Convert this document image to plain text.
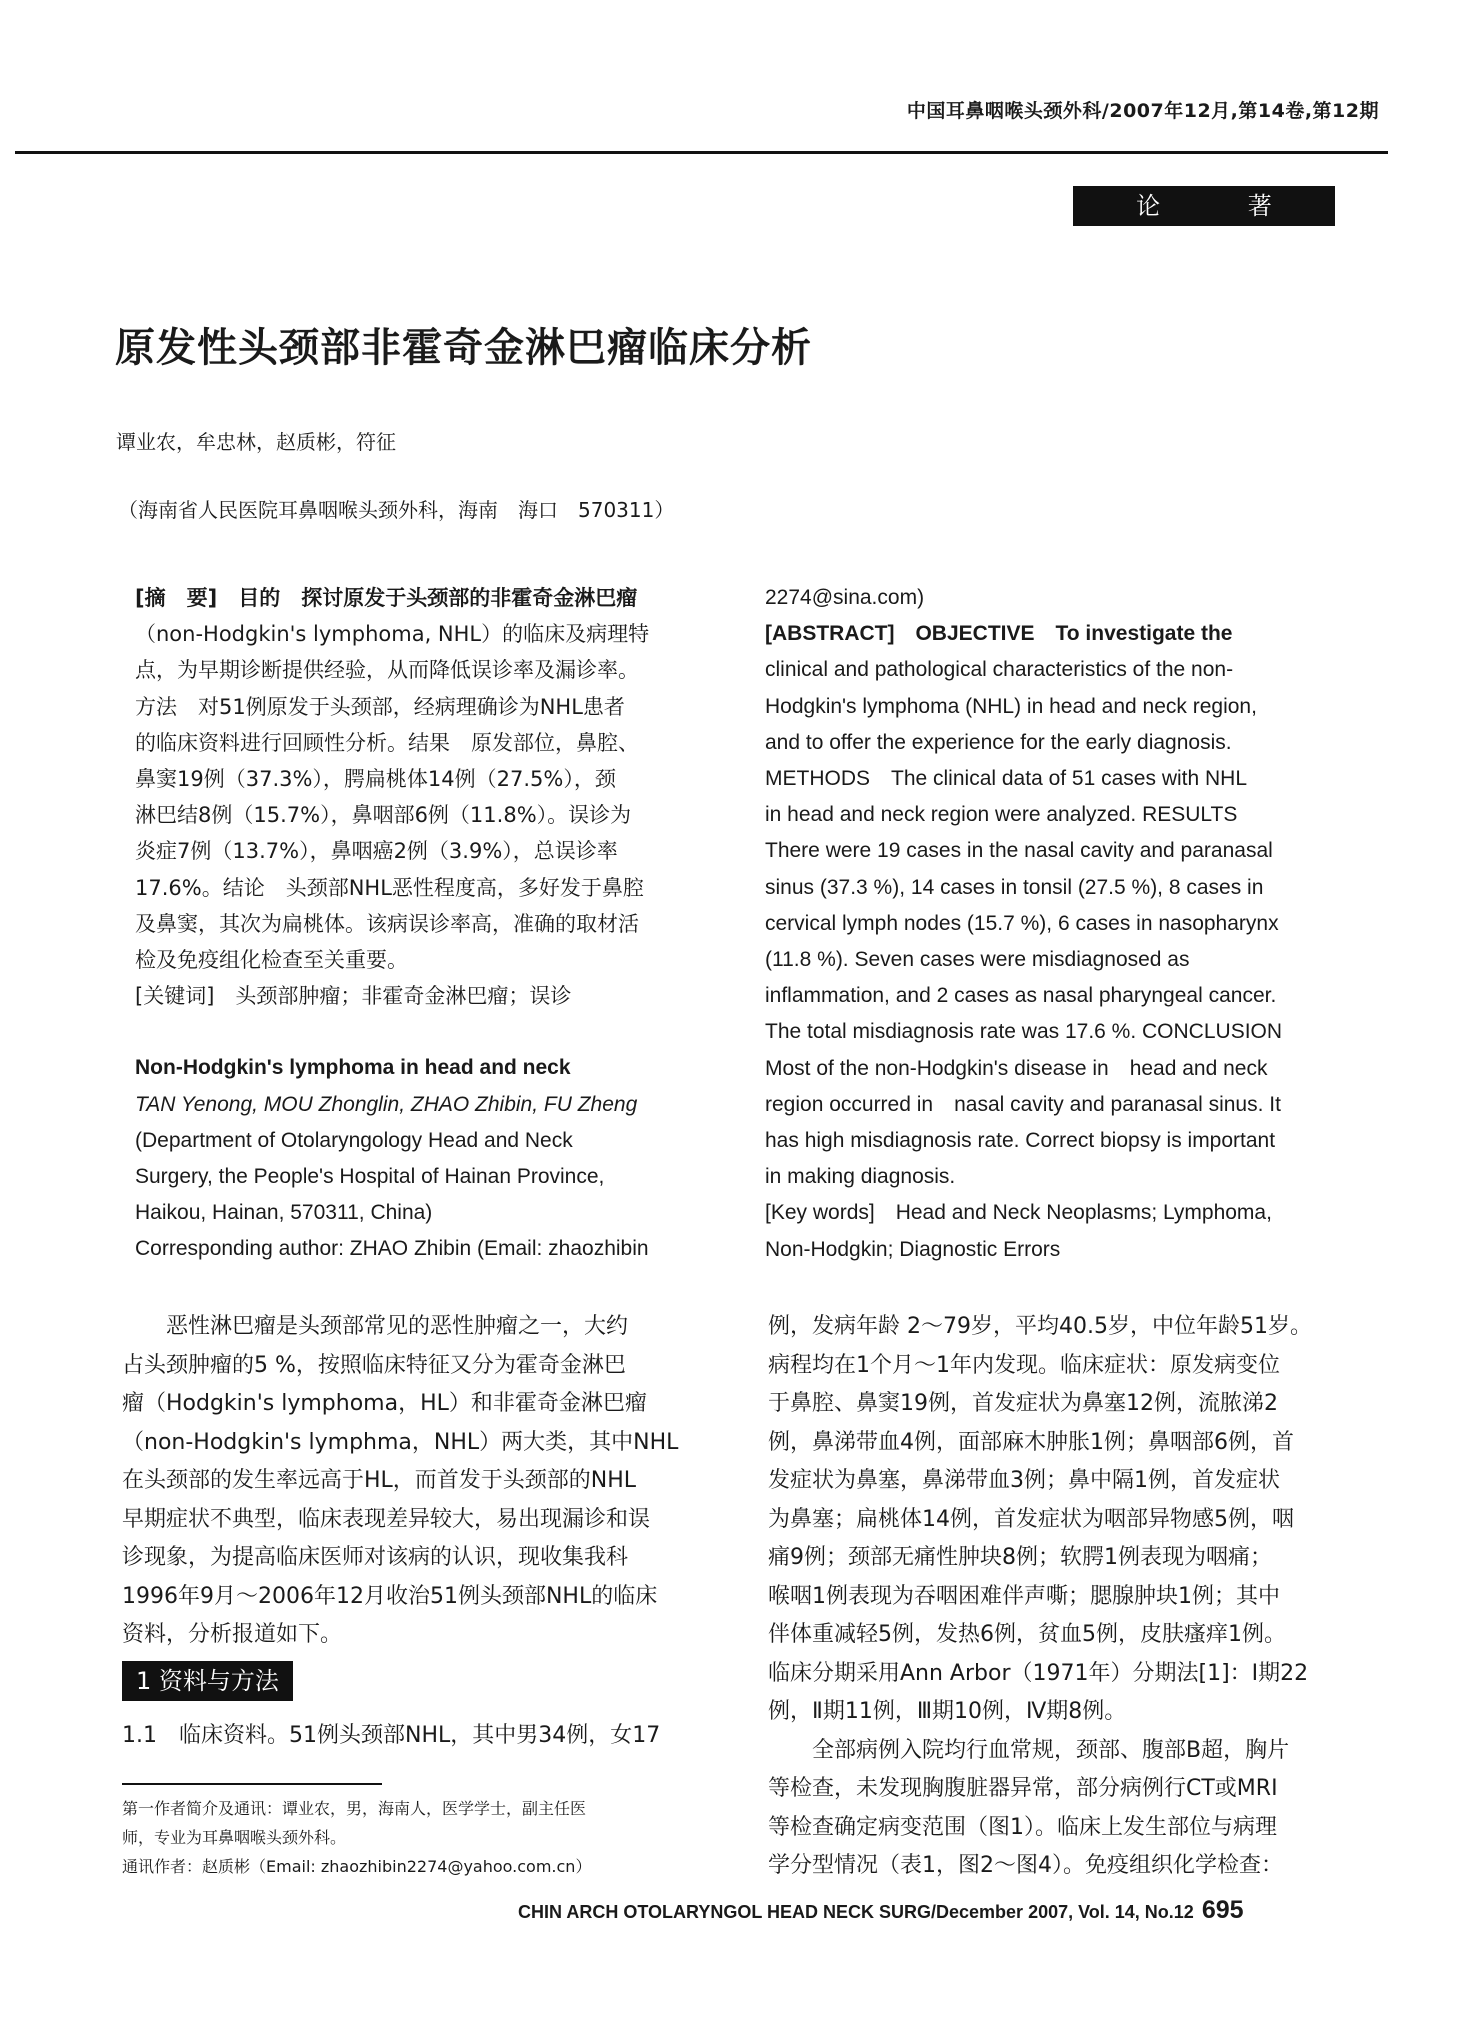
中国耳鼻咽喉头颈外科/2007年12月,第14卷,第12期
论 著
原发性头颈部非霍奇金淋巴瘤临床分析
谭业农，牟忠林，赵质彬，符征
（海南省人民医院耳鼻咽喉头颈外科，海南　海口　570311）
[摘　要]　目的　探讨原发于头颈部的非霍奇金淋巴瘤
（non-Hodgkin's lymphoma, NHL）的临床及病理特
点，为早期诊断提供经验，从而降低误诊率及漏诊率。
方法　对51例原发于头颈部，经病理确诊为NHL患者
的临床资料进行回顾性分析。结果　原发部位，鼻腔、
鼻窦19例（37.3%），腭扁桃体14例（27.5%），颈
淋巴结8例（15.7%），鼻咽部6例（11.8%）。误诊为
炎症7例（13.7%），鼻咽癌2例（3.9%），总误诊率
17.6%。结论　头颈部NHL恶性程度高，多好发于鼻腔
及鼻窦，其次为扁桃体。该病误诊率高，准确的取材活
检及免疫组化检查至关重要。
[关键词]　头颈部肿瘤；非霍奇金淋巴瘤；误诊
Non-Hodgkin's lymphoma in head and neck
TAN Yenong, MOU Zhonglin, ZHAO Zhibin, FU Zheng
(Department of Otolaryngology Head and Neck
Surgery, the People's Hospital of Hainan Province,
Haikou, Hainan, 570311, China)
Corresponding author: ZHAO Zhibin (Email: zhaozhibin
2274@sina.com)
[ABSTRACT]　OBJECTIVE　To investigate the
clinical and pathological characteristics of the non-
Hodgkin's lymphoma (NHL) in head and neck region,
and to offer the experience for the early diagnosis.
METHODS　The clinical data of 51 cases with NHL
in head and neck region were analyzed. RESULTS
There were 19 cases in the nasal cavity and paranasal
sinus (37.3 %), 14 cases in tonsil (27.5 %), 8 cases in
cervical lymph nodes (15.7 %), 6 cases in nasopharynx
(11.8 %). Seven cases were misdiagnosed as
inflammation, and 2 cases as nasal pharyngeal cancer.
The total misdiagnosis rate was 17.6 %. CONCLUSION
Most of the non-Hodgkin's disease in　head and neck
region occurred in　nasal cavity and paranasal sinus. It
has high misdiagnosis rate. Correct biopsy is important
in making diagnosis.
[Key words]　Head and Neck Neoplasms; Lymphoma,
Non-Hodgkin; Diagnostic Errors
　　恶性淋巴瘤是头颈部常见的恶性肿瘤之一，大约
占头颈肿瘤的5 %，按照临床特征又分为霍奇金淋巴
瘤（Hodgkin's lymphoma，HL）和非霍奇金淋巴瘤
（non-Hodgkin's lymphma，NHL）两大类，其中NHL
在头颈部的发生率远高于HL，而首发于头颈部的NHL
早期症状不典型，临床表现差异较大，易出现漏诊和误
诊现象，为提高临床医师对该病的认识，现收集我科
1996年9月～2006年12月收治51例头颈部NHL的临床
资料，分析报道如下。
1 资料与方法
1.1　临床资料。51例头颈部NHL，其中男34例，女17
例，发病年龄 2～79岁，平均40.5岁，中位年龄51岁。
病程均在1个月～1年内发现。临床症状：原发病变位
于鼻腔、鼻窦19例，首发症状为鼻塞12例，流脓涕2
例，鼻涕带血4例，面部麻木肿胀1例；鼻咽部6例，首
发症状为鼻塞，鼻涕带血3例；鼻中隔1例，首发症状
为鼻塞；扁桃体14例，首发症状为咽部异物感5例，咽
痛9例；颈部无痛性肿块8例；软腭1例表现为咽痛；
喉咽1例表现为吞咽困难伴声嘶；腮腺肿块1例；其中
伴体重减轻5例，发热6例，贫血5例，皮肤瘙痒1例。
临床分期采用Ann Arbor（1971年）分期法[1]：Ⅰ期22
例，Ⅱ期11例，Ⅲ期10例，Ⅳ期8例。
　　全部病例入院均行血常规，颈部、腹部B超，胸片
等检查，未发现胸腹脏器异常，部分病例行CT或MRI
等检查确定病变范围（图1）。临床上发生部位与病理
学分型情况（表1，图2～图4）。免疫组织化学检查：
第一作者简介及通讯：谭业农，男，海南人，医学学士，副主任医
师，专业为耳鼻咽喉头颈外科。
通讯作者：赵质彬（Email: zhaozhibin2274@yahoo.com.cn）
CHIN ARCH OTOLARYNGOL HEAD NECK SURG/December 2007, Vol. 14, No.12 695
